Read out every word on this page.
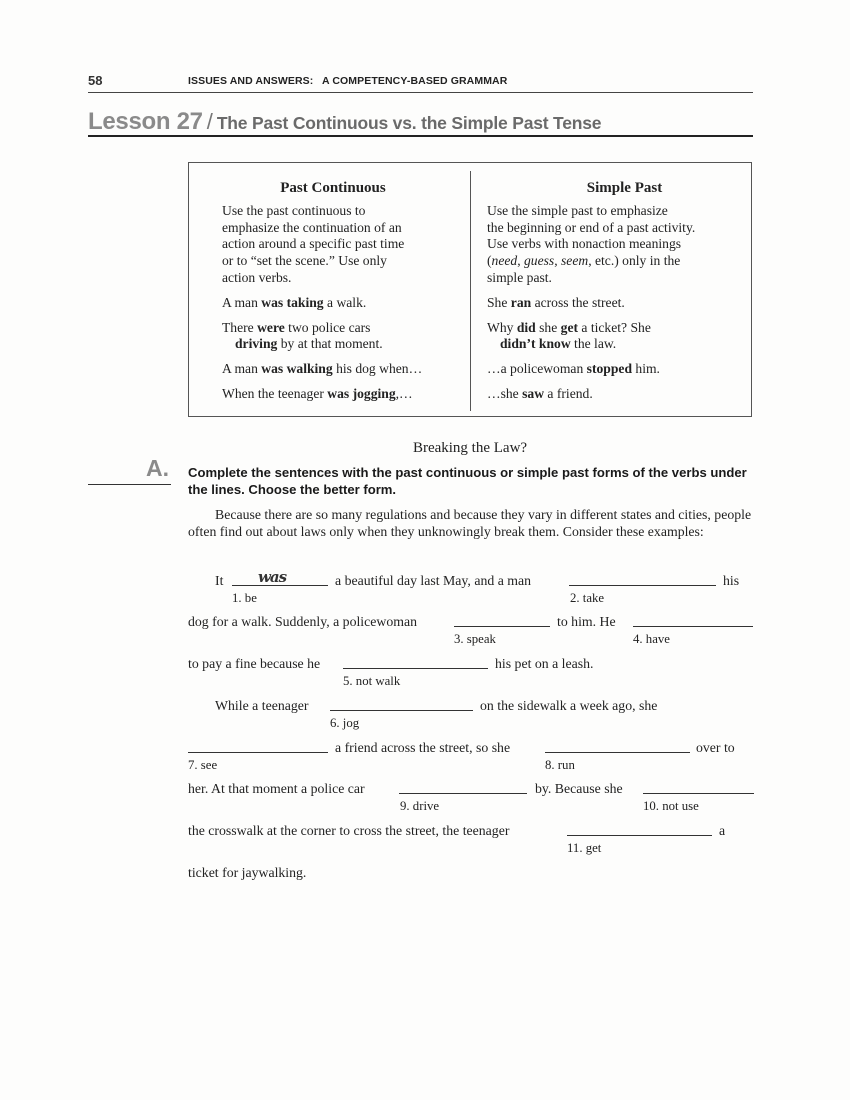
58	ISSUES AND ANSWERS:   A COMPETENCY-BASED GRAMMAR
Lesson 27 / The Past Continuous vs. the Simple Past Tense
Past Continuous

Use the past continuous to
emphasize the continuation of an
action around a specific past time
or to “set the scene.” Use only
action verbs.

A man was taking a walk.
There were two police cars
driving by at that moment.
A man was walking his dog when…
When the teenager was jogging,…
Simple Past

Use the simple past to emphasize
the beginning or end of a past activity.
Use verbs with nonaction meanings
(need, guess, seem, etc.) only in the
simple past.

She ran across the street.
Why did she get a ticket? She
didn’t know the law.
…a policewoman stopped him.
…she saw a friend.
Breaking the Law?
A. Complete the sentences with the past continuous or simple past forms of the verbs under the lines. Choose the better form.
Because there are so many regulations and because they vary in different states and cities, people often find out about laws only when they unknowingly break them. Consider these examples:
It	a beautiful day last May, and a man	his
dog for a walk. Suddenly, a policewoman	to him. He
to pay a fine because he	his pet on a leash.
While a teenager	on the sidewalk a week ago, she
a friend across the street, so she	over to
her. At that moment a police car	by. Because she
the crosswalk at the corner to cross the street, the teenager	a
ticket for jaywalking.
was
1. be	2. take
3. speak	4. have
5. not walk
6. jog
7. see	8. run
9. drive	10. not use
11. get
